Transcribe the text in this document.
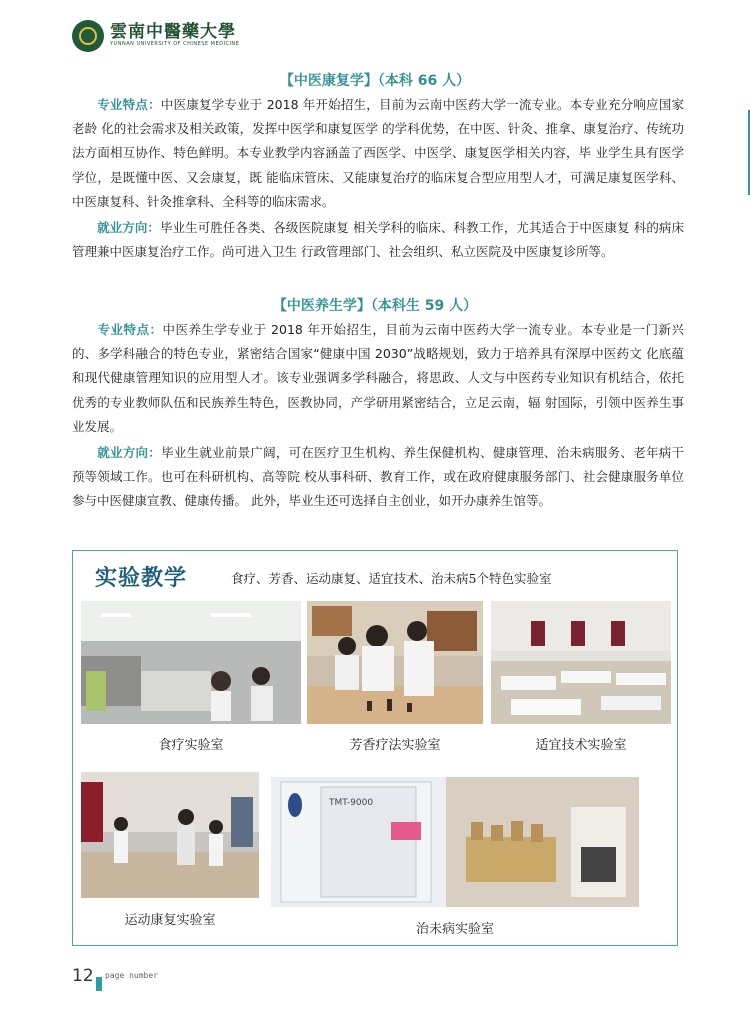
雲南中醫藥大學
YUNNAN UNIVERSITY OF CHINESE MEDICINE
【中医康复学】（本科 66 人）
专业特点：中医康复学专业于 2018 年开始招生，目前为云南中医药大学一流专业。本专业充分响应国家老龄 化的社会需求及相关政策，发挥中医学和康复医学 的学科优势，在中医、针灸、推拿、康复治疗、传统功法方面相互协作、特色鲜明。本专业教学内容涵盖了西医学、中医学、康复医学相关内容，毕 业学生具有医学学位，是既懂中医、又会康复，既 能临床管床、又能康复治疗的临床复合型应用型人才，可满足康复医学科、中医康复科、针灸推拿科、全科等的临床需求。
就业方向：毕业生可胜任各类、各级医院康复 相关学科的临床、科教工作，尤其适合于中医康复 科的病床管理兼中医康复治疗工作。尚可进入卫生 行政管理部门、社会组织、私立医院及中医康复诊所等。
【中医养生学】（本科生 59 人）
专业特点：中医养生学专业于 2018 年开始招生，目前为云南中医药大学一流专业。本专业是一门新兴的、多学科融合的特色专业，紧密结合国家“健康中国 2030”战略规划，致力于培养具有深厚中医药文 化底蕴和现代健康管理知识的应用型人才。该专业强调多学科融合，将思政、人文与中医药专业知识有机结合，依托优秀的专业教师队伍和民族养生特色，医教协同，产学研用紧密结合，立足云南，辐 射国际，引领中医养生事业发展。
就业方向：毕业生就业前景广阔，可在医疗卫生机构、养生保健机构、健康管理、治未病服务、老年病干预等领域工作。也可在科研机构、高等院 校从事科研、教育工作，或在政府健康服务部门、社会健康服务单位参与中医健康宣教、健康传播。 此外，毕业生还可选择自主创业，如开办康养生馆等。
实验教学	食疗、芳香、运动康复、适宜技术、治未病5个特色实验室
食疗实验室	芳香疗法实验室	适宜技术实验室
运动康复实验室
TMT-9000
治未病实验室
12 page number
